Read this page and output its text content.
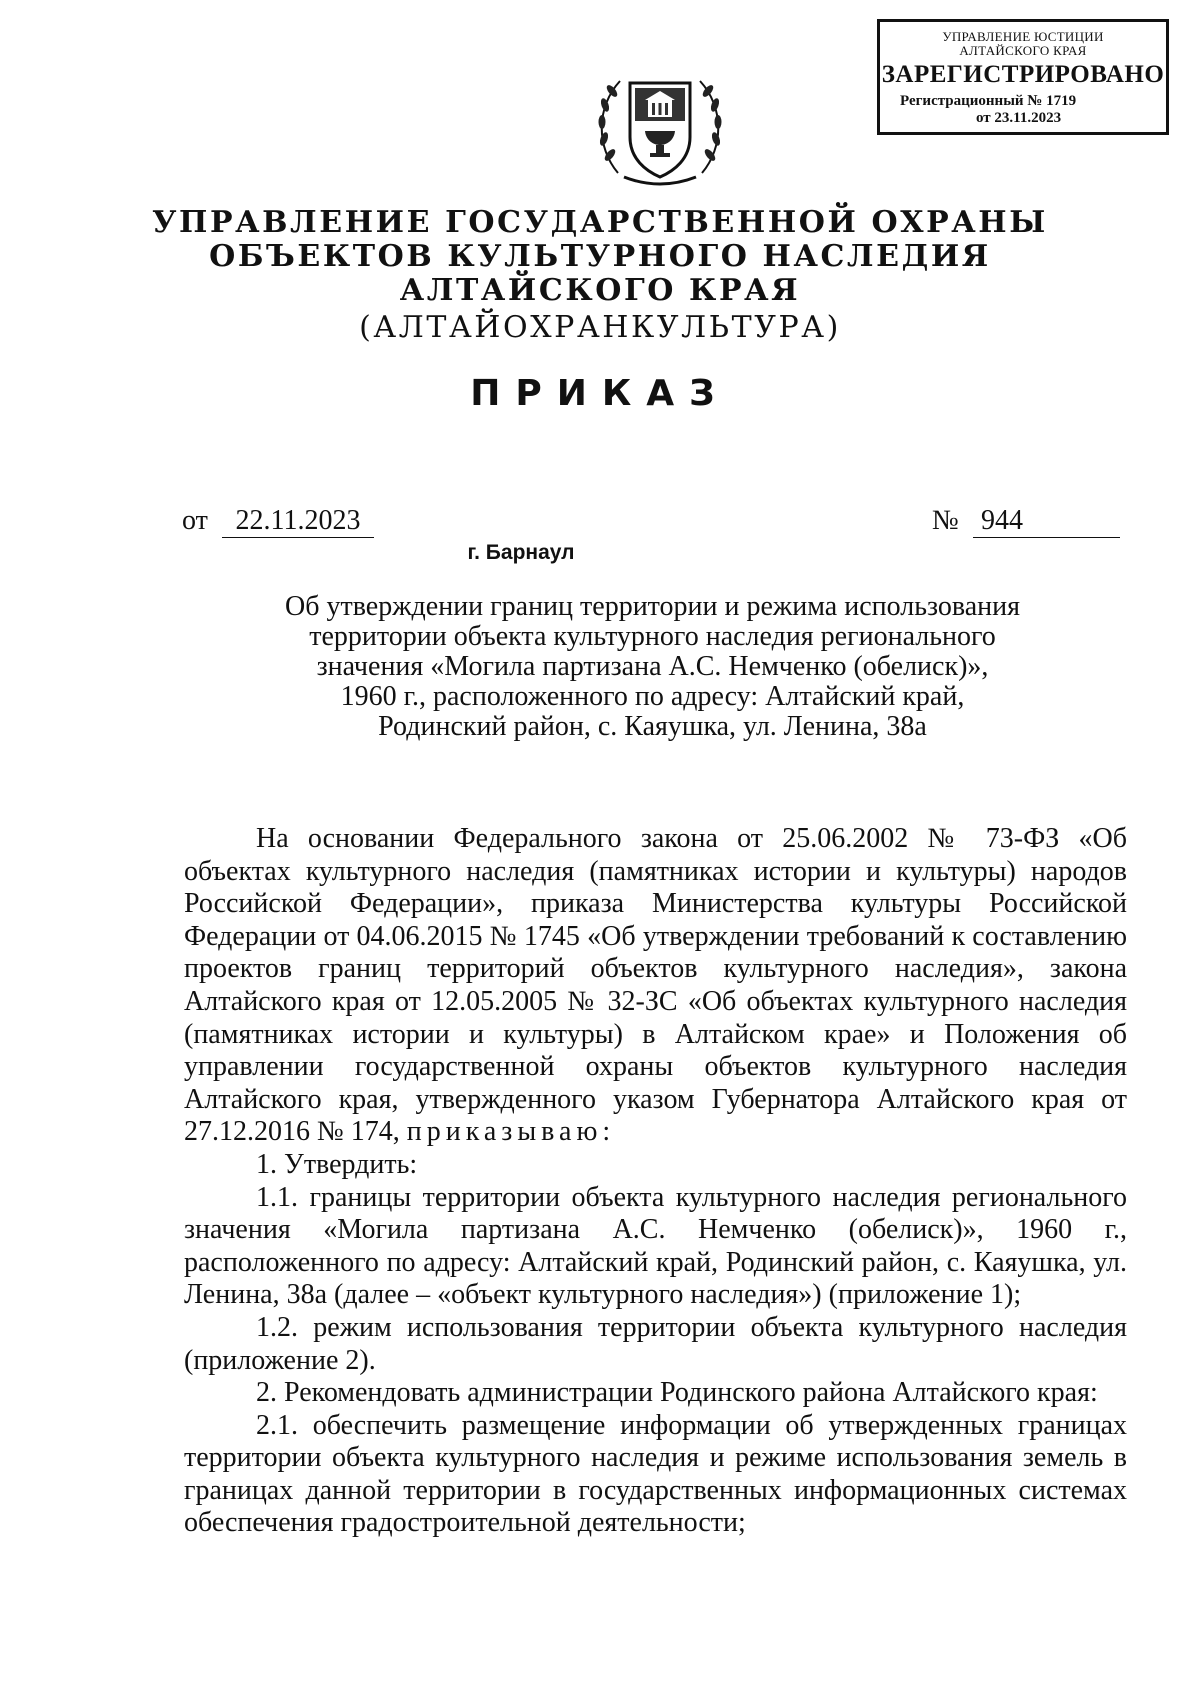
УПРАВЛЕНИЕ ЮСТИЦИИ
АЛТАЙСКОГО КРАЯ
ЗАРЕГИСТРИРОВАНО
Регистрационный № 1719
от 23.11.2023
УПРАВЛЕНИЕ ГОСУДАРСТВЕННОЙ ОХРАНЫ
ОБЪЕКТОВ КУЛЬТУРНОГО НАСЛЕДИЯ
АЛТАЙСКОГО КРАЯ
(АЛТАЙОХРАНКУЛЬТУРА)
ПРИКАЗ
от 22.11.2023	№ 944
г. Барнаул
Об утверждении границ территории и режима использования
территории объекта культурного наследия регионального
значения «Могила партизана А.С. Немченко (обелиск)»,
1960 г., расположенного по адресу: Алтайский край,
Родинский район, с. Каяушка, ул. Ленина, 38а
На основании Федерального закона от 25.06.2002 № 73-ФЗ «Об объектах культурного наследия (памятниках истории и культуры) народов Российской Федерации», приказа Министерства культуры Российской Федерации от 04.06.2015 № 1745 «Об утверждении требований к составлению проектов границ территорий объектов культурного наследия», закона Алтайского края от 12.05.2005 № 32-ЗС «Об объектах культурного наследия (памятниках истории и культуры) в Алтайском крае» и Положения об управлении государственной охраны объектов культурного наследия Алтайского края, утвержденного указом Губернатора Алтайского края от 27.12.2016 № 174, приказываю:
1. Утвердить:
1.1. границы территории объекта культурного наследия регионального значения «Могила партизана А.С. Немченко (обелиск)», 1960 г., расположенного по адресу: Алтайский край, Родинский район, с. Каяушка, ул. Ленина, 38а (далее – «объект культурного наследия») (приложение 1);
1.2. режим использования территории объекта культурного наследия (приложение 2).
2. Рекомендовать администрации Родинского района Алтайского края:
2.1. обеспечить размещение информации об утвержденных границах территории объекта культурного наследия и режиме использования земель в границах данной территории в государственных информационных системах обеспечения градостроительной деятельности;
